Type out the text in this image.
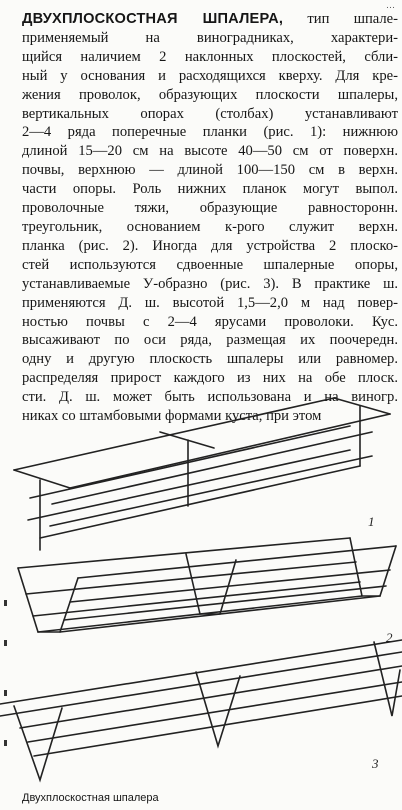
…
ДВУХПЛОСКОСТНАЯ ШПАЛЕРА, тип шпале-
применяемый на виноградниках, характери-
щийся наличием 2 наклонных плоскостей, сбли-
ный у основания и расходящихся кверху. Для кре-
жения проволок, образующих плоскости шпалеры,
вертикальных опорах (столбах) устанавливают
2—4 ряда поперечные планки (рис. 1): нижнюю
длиной 15—20 см на высоте 40—50 см от поверхн.
почвы, верхнюю — длиной 100—150 см в верхн.
части опоры. Роль нижних планок могут выпол.
проволочные тяжи, образующие равносторонн.
треугольник, основанием к-рого служит верхн.
планка (рис. 2). Иногда для устройства 2 плоско-
стей используются сдвоенные шпалерные опоры,
устанавливаемые У-образно (рис. 3). В практике ш.
применяются Д. ш. высотой 1,5—2,0 м над повер-
ностью почвы с 2—4 ярусами проволоки. Кус.
высаживают по оси ряда, размещая их поочередн.
одну и другую плоскость шпалеры или равномер.
распределяя прирост каждого из них на обе плоск.
сти. Д. ш. может быть использована и на виногр.
никах со штамбовыми формами куста, при этом
1
2
3
Двухплоскостная шпалера
